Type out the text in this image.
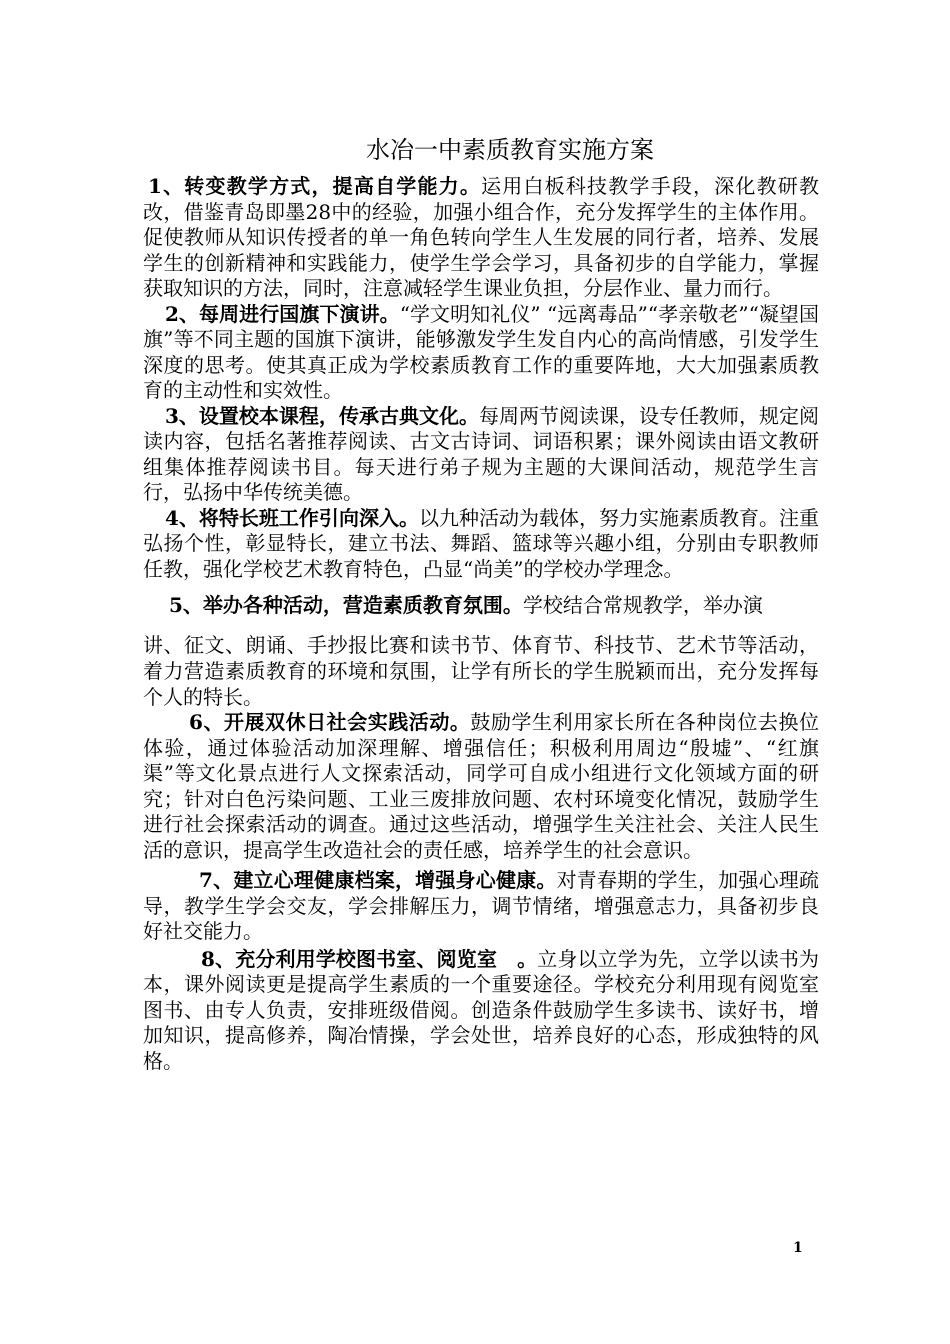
水冶一中素质教育实施方案

1、转变教学方式，提高自学能力。运用白板科技教学手段，深化教研教改，借鉴青岛即墨28中的经验，加强小组合作，充分发挥学生的主体作用。促使教师从知识传授者的单一角色转向学生人生发展的同行者，培养、发展学生的创新精神和实践能力，使学生学会学习，具备初步的自学能力，掌握获取知识的方法，同时，注意减轻学生课业负担，分层作业、量力而行。

2、每周进行国旗下演讲。“学文明知礼仪” “远离毒品”“孝亲敬老”“凝望国旗”等不同主题的国旗下演讲，能够激发学生发自内心的高尚情感，引发学生深度的思考。使其真正成为学校素质教育工作的重要阵地，大大加强素质教育的主动性和实效性。

3、设置校本课程，传承古典文化。每周两节阅读课，设专任教师，规定阅读内容，包括名著推荐阅读、古文古诗词、词语积累；课外阅读由语文教研组集体推荐阅读书目。每天进行弟子规为主题的大课间活动，规范学生言行，弘扬中华传统美德。

4、将特长班工作引向深入。以九种活动为载体，努力实施素质教育。注重弘扬个性，彰显特长，建立书法、舞蹈、篮球等兴趣小组，分别由专职教师任教，强化学校艺术教育特色，凸显“尚美”的学校办学理念。

5、举办各种活动，营造素质教育氛围。学校结合常规教学，举办演
讲、征文、朗诵、手抄报比赛和读书节、体育节、科技节、艺术节等活动，着力营造素质教育的环境和氛围，让学有所长的学生脱颖而出，充分发挥每个人的特长。

6、开展双休日社会实践活动。鼓励学生利用家长所在各种岗位去换位体验，通过体验活动加深理解、增强信任；积极利用周边“殷墟”、“红旗渠”等文化景点进行人文探索活动，同学可自成小组进行文化领域方面的研究；针对白色污染问题、工业三废排放问题、农村环境变化情况，鼓励学生进行社会探索活动的调查。通过这些活动，增强学生关注社会、关注人民生活的意识，提高学生改造社会的责任感，培养学生的社会意识。

7、建立心理健康档案，增强身心健康。对青春期的学生，加强心理疏导，教学生学会交友，学会排解压力，调节情绪，增强意志力，具备初步良好社交能力。

8、充分利用学校图书室、阅览室　。立身以立学为先，立学以读书为本，课外阅读更是提高学生素质的一个重要途径。学校充分利用现有阅览室图书、由专人负责，安排班级借阅。创造条件鼓励学生多读书、读好书，增加知识，提高修养，陶冶情操，学会处世，培养良好的心态，形成独特的风格。

1
